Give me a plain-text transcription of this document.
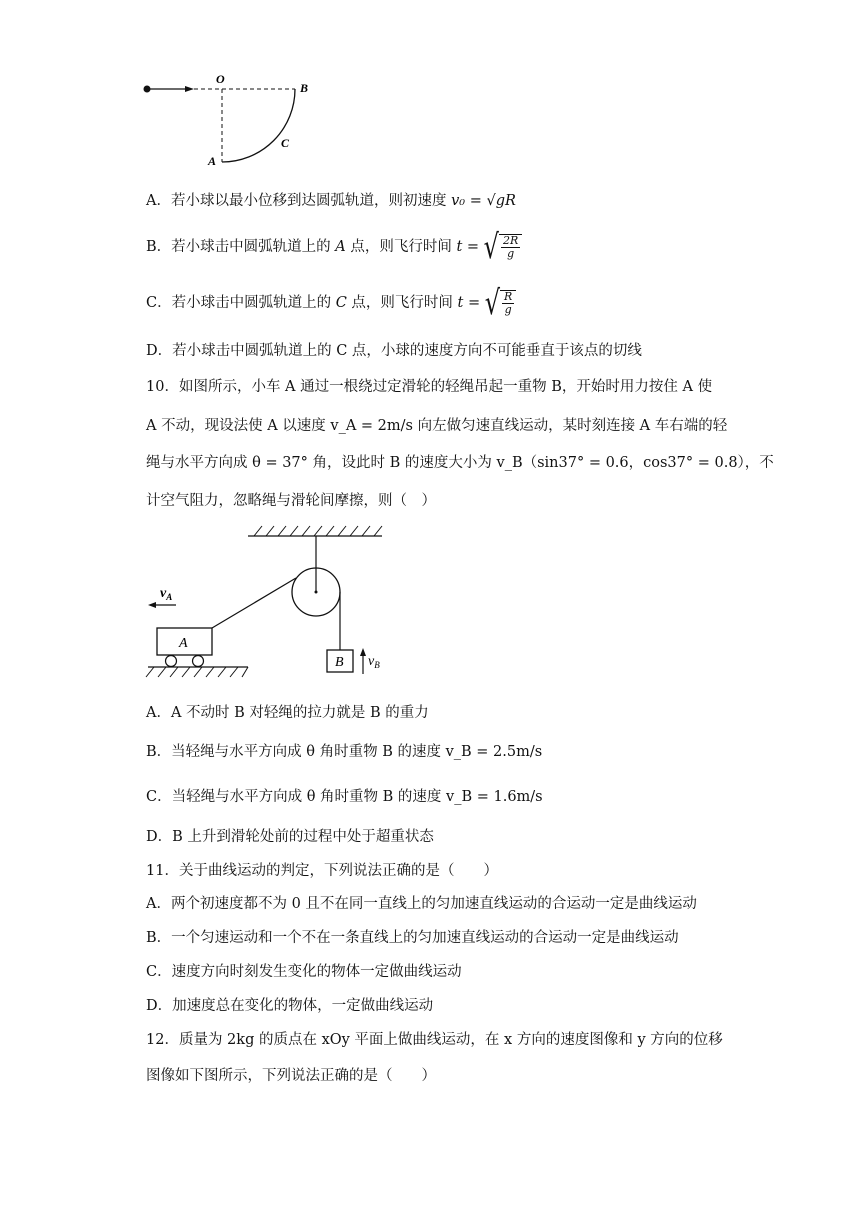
O
B
C
A
A．若小球以最小位移到达圆弧轨道，则初速度 v₀ = √gR
B．若小球击中圆弧轨道上的 A 点，则飞行时间 t = √ $\frac{2R}{g}$
C．若小球击中圆弧轨道上的 C 点，则飞行时间 t = √ $\frac{R}{g}$
D．若小球击中圆弧轨道上的 C 点，小球的速度方向不可能垂直于该点的切线
10．如图所示，小车 A 通过一根绕过定滑轮的轻绳吊起一重物 B，开始时用力按住 A 使
A 不动，现设法使 A 以速度 v_A = 2m/s 向左做匀速直线运动，某时刻连接 A 车右端的轻
绳与水平方向成 θ = 37° 角，设此时 B 的速度大小为 v_B（sin37° = 0.6，cos37° = 0.8），不
计空气阻力，忽略绳与滑轮间摩擦，则（　）
$v_A$
A
B $v_B$
A．A 不动时 B 对轻绳的拉力就是 B 的重力
B．当轻绳与水平方向成 θ 角时重物 B 的速度 v_B = 2.5m/s
C．当轻绳与水平方向成 θ 角时重物 B 的速度 v_B = 1.6m/s
D．B 上升到滑轮处前的过程中处于超重状态
11．关于曲线运动的判定，下列说法正确的是（　　）
A．两个初速度都不为 0 且不在同一直线上的匀加速直线运动的合运动一定是曲线运动
B．一个匀速运动和一个不在一条直线上的匀加速直线运动的合运动一定是曲线运动
C．速度方向时刻发生变化的物体一定做曲线运动
D．加速度总在变化的物体，一定做曲线运动
12．质量为 2kg 的质点在 xOy 平面上做曲线运动，在 x 方向的速度图像和 y 方向的位移
图像如下图所示，下列说法正确的是（　　）
